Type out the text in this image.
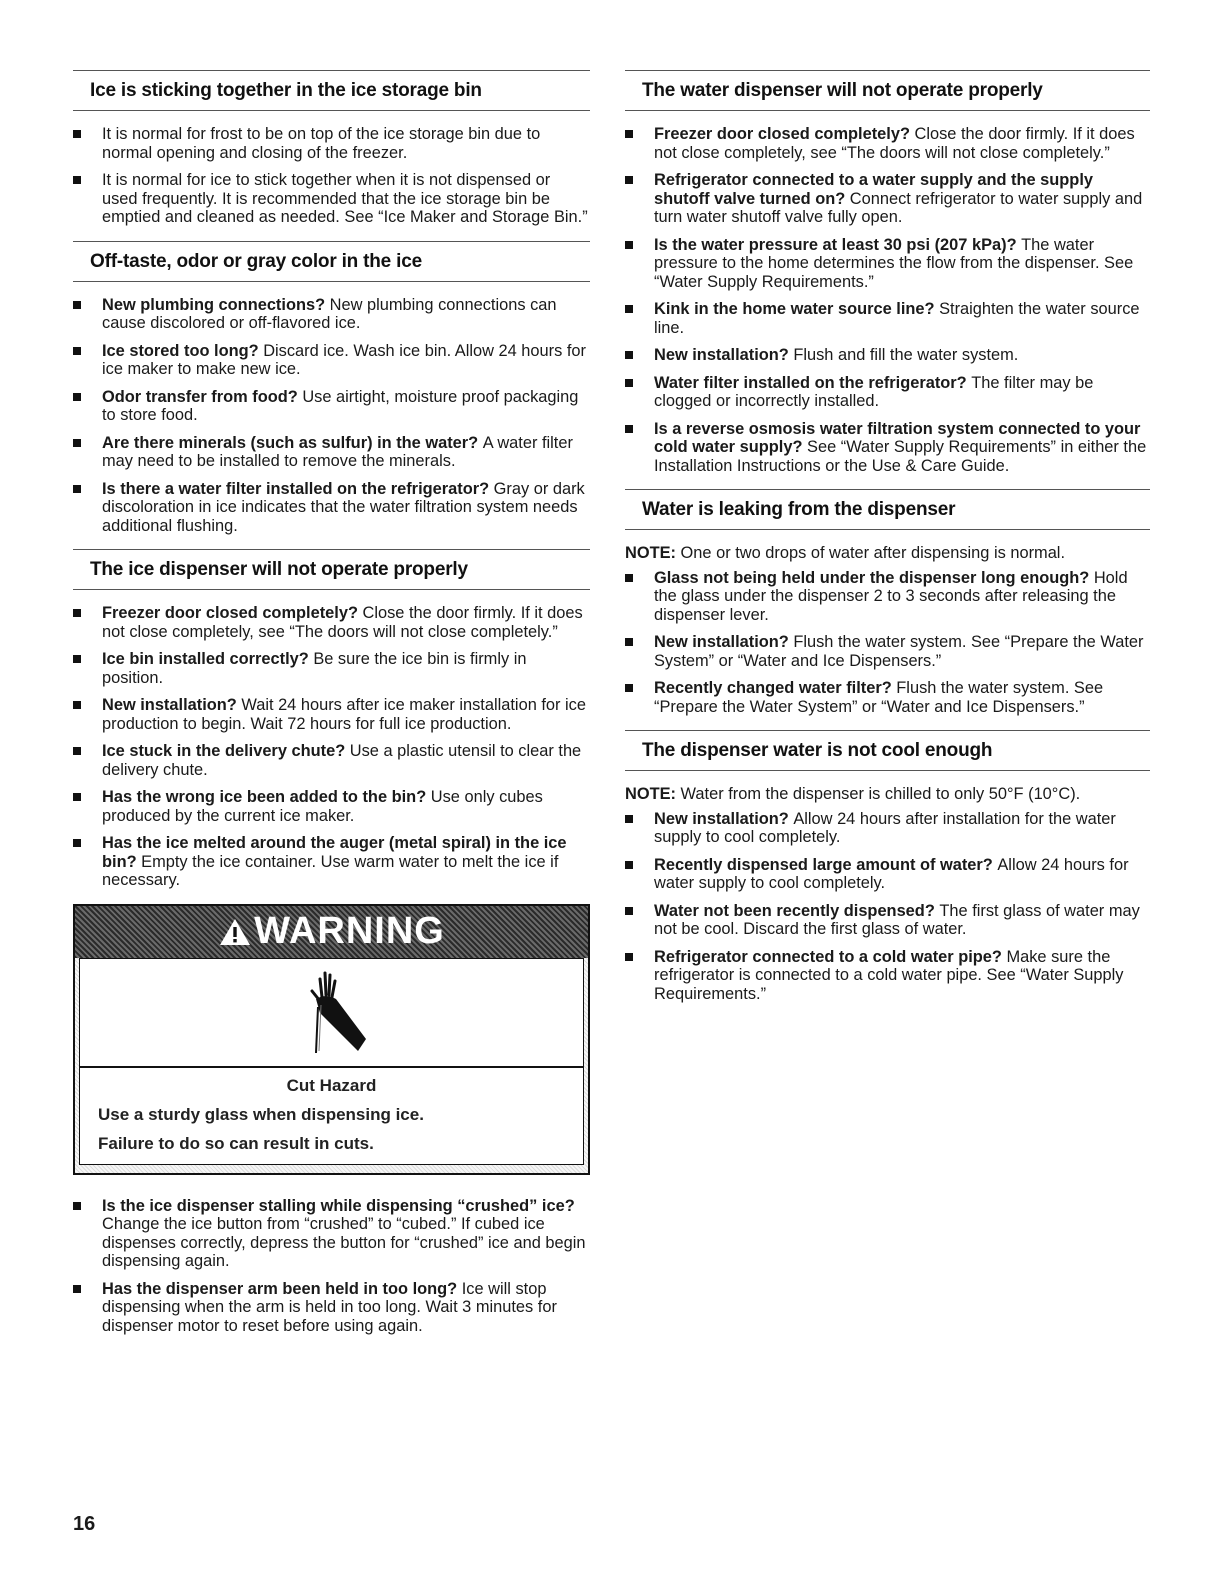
Ice is sticking together in the ice storage bin
It is normal for frost to be on top of the ice storage bin due to normal opening and closing of the freezer.
It is normal for ice to stick together when it is not dispensed or used frequently. It is recommended that the ice storage bin be emptied and cleaned as needed. See “Ice Maker and Storage Bin.”
Off-taste, odor or gray color in the ice
New plumbing connections? New plumbing connections can cause discolored or off-flavored ice.
Ice stored too long? Discard ice. Wash ice bin. Allow 24 hours for ice maker to make new ice.
Odor transfer from food? Use airtight, moisture proof packaging to store food.
Are there minerals (such as sulfur) in the water? A water filter may need to be installed to remove the minerals.
Is there a water filter installed on the refrigerator? Gray or dark discoloration in ice indicates that the water filtration system needs additional flushing.
The ice dispenser will not operate properly
Freezer door closed completely? Close the door firmly. If it does not close completely, see “The doors will not close completely.”
Ice bin installed correctly? Be sure the ice bin is firmly in position.
New installation? Wait 24 hours after ice maker installation for ice production to begin. Wait 72 hours for full ice production.
Ice stuck in the delivery chute? Use a plastic utensil to clear the delivery chute.
Has the wrong ice been added to the bin? Use only cubes produced by the current ice maker.
Has the ice melted around the auger (metal spiral) in the ice bin? Empty the ice container. Use warm water to melt the ice if necessary.
WARNING
Cut Hazard

Use a sturdy glass when dispensing ice.

Failure to do so can result in cuts.

Is the ice dispenser stalling while dispensing “crushed” ice? Change the ice button from “crushed” to “cubed.” If cubed ice dispenses correctly, depress the button for “crushed” ice and begin dispensing again.
Has the dispenser arm been held in too long? Ice will stop dispensing when the arm is held in too long. Wait 3 minutes for dispenser motor to reset before using again.
The water dispenser will not operate properly
Freezer door closed completely? Close the door firmly. If it does not close completely, see “The doors will not close completely.”
Refrigerator connected to a water supply and the supply shutoff valve turned on? Connect refrigerator to water supply and turn water shutoff valve fully open.
Is the water pressure at least 30 psi (207 kPa)? The water pressure to the home determines the flow from the dispenser. See “Water Supply Requirements.”
Kink in the home water source line? Straighten the water source line.
New installation? Flush and fill the water system.
Water filter installed on the refrigerator? The filter may be clogged or incorrectly installed.
Is a reverse osmosis water filtration system connected to your cold water supply? See “Water Supply Requirements” in either the Installation Instructions or the Use & Care Guide.
Water is leaking from the dispenser

NOTE: One or two drops of water after dispensing is normal.

Glass not being held under the dispenser long enough? Hold the glass under the dispenser 2 to 3 seconds after releasing the dispenser lever.
New installation? Flush the water system. See “Prepare the Water System” or “Water and Ice Dispensers.”
Recently changed water filter? Flush the water system. See “Prepare the Water System” or “Water and Ice Dispensers.”
The dispenser water is not cool enough

NOTE: Water from the dispenser is chilled to only 50°F (10°C).

New installation? Allow 24 hours after installation for the water supply to cool completely.
Recently dispensed large amount of water? Allow 24 hours for water supply to cool completely.
Water not been recently dispensed? The first glass of water may not be cool. Discard the first glass of water.
Refrigerator connected to a cold water pipe? Make sure the refrigerator is connected to a cold water pipe. See “Water Supply Requirements.”
16
